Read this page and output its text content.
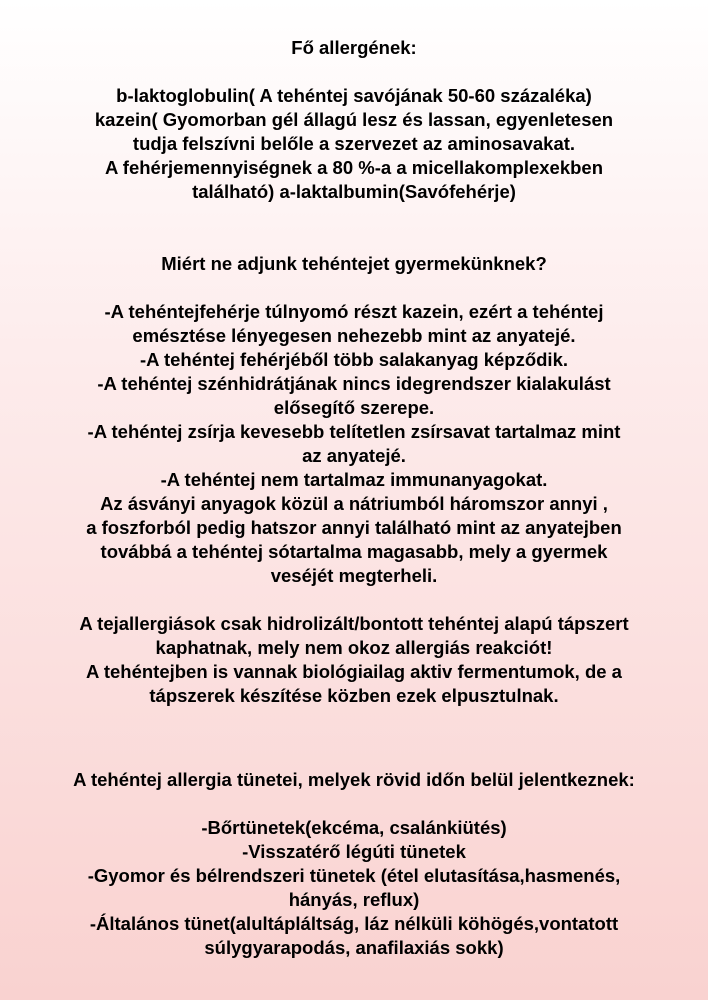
Fő allergének:

b-laktoglobulin( A tehéntej savójának 50-60 százaléka)

kazein( Gyomorban gél állagú lesz és lassan, egyenletesen

tudja felszívni belőle a szervezet az aminosavakat.

A fehérjemennyiségnek a 80 %-a a micellakomplexekben

található) a-laktalbumin(Savófehérje)

Miért ne adjunk tehéntejet gyermekünknek?

-A tehéntejfehérje túlnyomó részt kazein, ezért a tehéntej

emésztése lényegesen nehezebb mint az anyatejé.

-A tehéntej fehérjéből több salakanyag képződik.

-A tehéntej szénhidrátjának nincs idegrendszer kialakulást

elősegítő szerepe.

-A tehéntej zsírja kevesebb telítetlen zsírsavat tartalmaz mint

az anyatejé.

-A tehéntej nem tartalmaz immunanyagokat.

Az ásványi anyagok közül a nátriumból háromszor annyi ,

a foszforból pedig hatszor annyi található mint az anyatejben

továbbá a tehéntej sótartalma magasabb, mely a gyermek

veséjét megterheli.

A tejallergiások csak hidrolizált/bontott tehéntej alapú tápszert

kaphatnak, mely nem okoz allergiás reakciót!

A tehéntejben is vannak biológiailag aktiv fermentumok, de a

tápszerek készítése közben ezek elpusztulnak.

A tehéntej allergia tünetei, melyek rövid időn belül jelentkeznek:

-Bőrtünetek(ekcéma, csalánkiütés)

-Visszatérő légúti tünetek

-Gyomor és bélrendszeri tünetek (étel elutasítása,hasmenés,

hányás, reflux)

-Általános tünet(alultápláltság, láz nélküli köhögés,vontatott

súlygyarapodás, anafilaxiás sokk)
